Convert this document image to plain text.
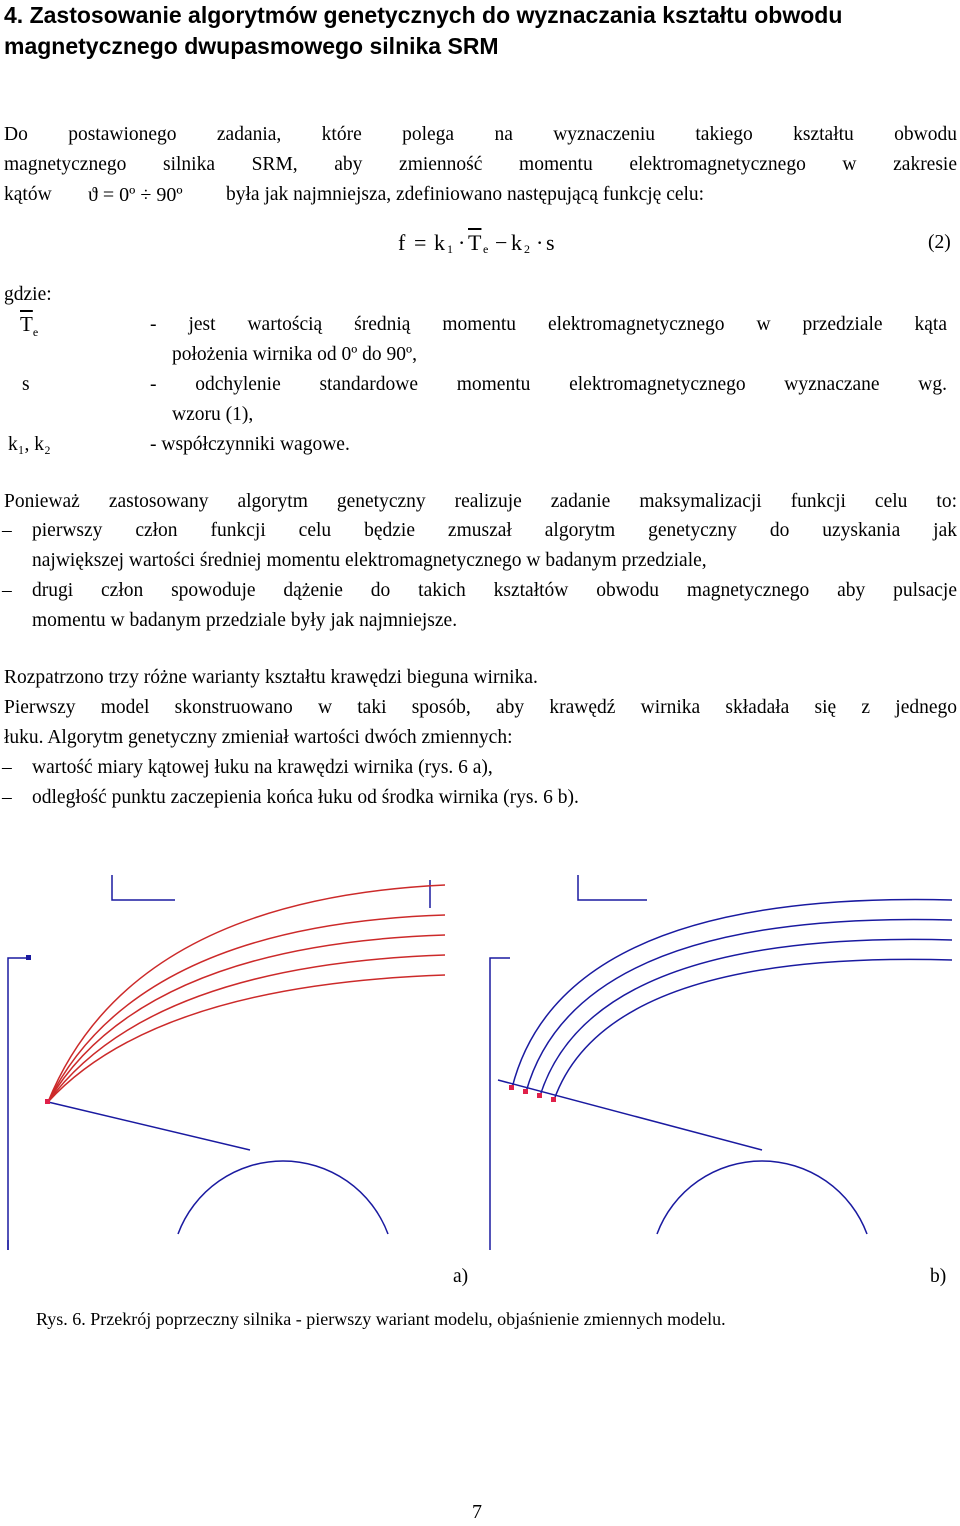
4. Zastosowanie algorytmów genetycznych do wyznaczania kształtu obwodu magnetycznego dwupasmowego silnika SRM
Do postawionego zadania, które polega na wyznaczeniu takiego kształtu obwodu
magnetycznego silnika SRM, aby zmienność momentu elektromagnetycznego w zakresie
kątów ϑ = 0º ÷ 90º była jak najmniejsza, zdefiniowano następującą funkcję celu:
f = k $1 \cdot \overline{T}$ e − k 2 · s	(2)
gdzie:
$\overline{T}_e$	- jest wartością średnią momentu elektromagnetycznego w przedziale kąta
położenia wirnika od 0º do 90º,
s	- odchylenie standardowe momentu elektromagnetycznego wyznaczane wg.
wzoru (1),
k₁, k₂	- współczynniki wagowe.
Ponieważ zastosowany algorytm genetyczny realizuje zadanie maksymalizacji funkcji celu to:
– pierwszy człon funkcji celu będzie zmuszał algorytm genetyczny do uzyskania jak
największej wartości średniej momentu elektromagnetycznego w badanym przedziale,
– drugi człon spowoduje dążenie do takich kształtów obwodu magnetycznego aby pulsacje
momentu w badanym przedziale były jak najmniejsze.
Rozpatrzono trzy różne warianty kształtu krawędzi bieguna wirnika.
Pierwszy model skonstruowano w taki sposób, aby krawędź wirnika składała się z jednego
łuku. Algorytm genetyczny zmieniał wartości dwóch zmiennych:
– wartość miary kątowej łuku na krawędzi wirnika (rys. 6 a),
– odległość punktu zaczepienia końca łuku od środka wirnika (rys. 6 b).
a)	b)
Rys. 6. Przekrój poprzeczny silnika - pierwszy wariant modelu, objaśnienie zmiennych modelu.
7
